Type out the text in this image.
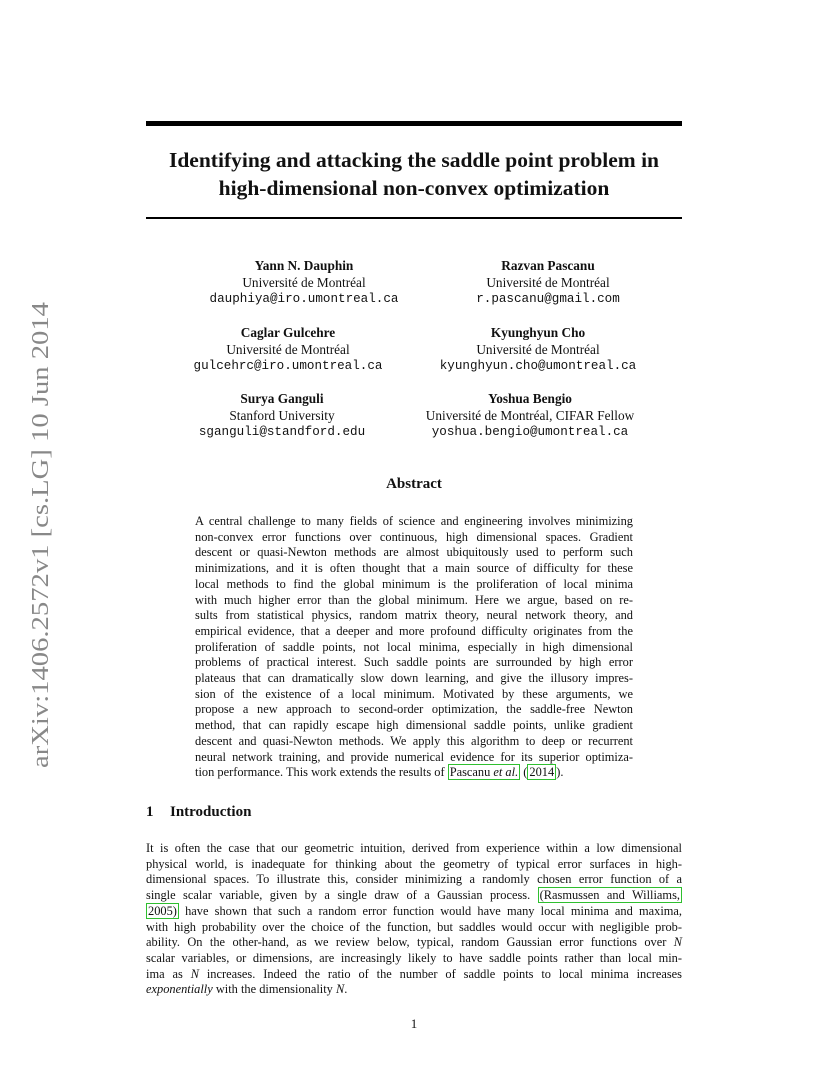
arXiv:1406.2572v1 [cs.LG] 10 Jun 2014
Identifying and attacking the saddle point problem in
high-dimensional non-convex optimization
Yann N. Dauphin
Université de Montréal
dauphiya@iro.umontreal.ca
Razvan Pascanu
Université de Montréal
r.pascanu@gmail.com
Caglar Gulcehre
Université de Montréal
gulcehrc@iro.umontreal.ca
Kyunghyun Cho
Université de Montréal
kyunghyun.cho@umontreal.ca
Surya Ganguli
Stanford University
sganguli@standford.edu
Yoshua Bengio
Université de Montréal, CIFAR Fellow
yoshua.bengio@umontreal.ca
Abstract

A central challenge to many fields of science and engineering involves minimizing
non-convex error functions over continuous, high dimensional spaces. Gradient
descent or quasi-Newton methods are almost ubiquitously used to perform such
minimizations, and it is often thought that a main source of difficulty for these
local methods to find the global minimum is the proliferation of local minima
with much higher error than the global minimum. Here we argue, based on re-
sults from statistical physics, random matrix theory, neural network theory, and
empirical evidence, that a deeper and more profound difficulty originates from the
proliferation of saddle points, not local minima, especially in high dimensional
problems of practical interest. Such saddle points are surrounded by high error
plateaus that can dramatically slow down learning, and give the illusory impres-
sion of the existence of a local minimum. Motivated by these arguments, we
propose a new approach to second-order optimization, the saddle-free Newton
method, that can rapidly escape high dimensional saddle points, unlike gradient
descent and quasi-Newton methods. We apply this algorithm to deep or recurrent
neural network training, and provide numerical evidence for its superior optimiza-
tion performance. This work extends the results of Pascanu et al. ( 2014 ).

1 Introduction

It is often the case that our geometric intuition, derived from experience within a low dimensional
physical world, is inadequate for thinking about the geometry of typical error surfaces in high-
dimensional spaces. To illustrate this, consider minimizing a randomly chosen error function of a
single scalar variable, given by a single draw of a Gaussian process. (Rasmussen and Williams,
2005) have shown that such a random error function would have many local minima and maxima,
with high probability over the choice of the function, but saddles would occur with negligible prob-
ability. On the other-hand, as we review below, typical, random Gaussian error functions over N
scalar variables, or dimensions, are increasingly likely to have saddle points rather than local min-
ima as N increases. Indeed the ratio of the number of saddle points to local minima increases
exponentially with the dimensionality N.

1
